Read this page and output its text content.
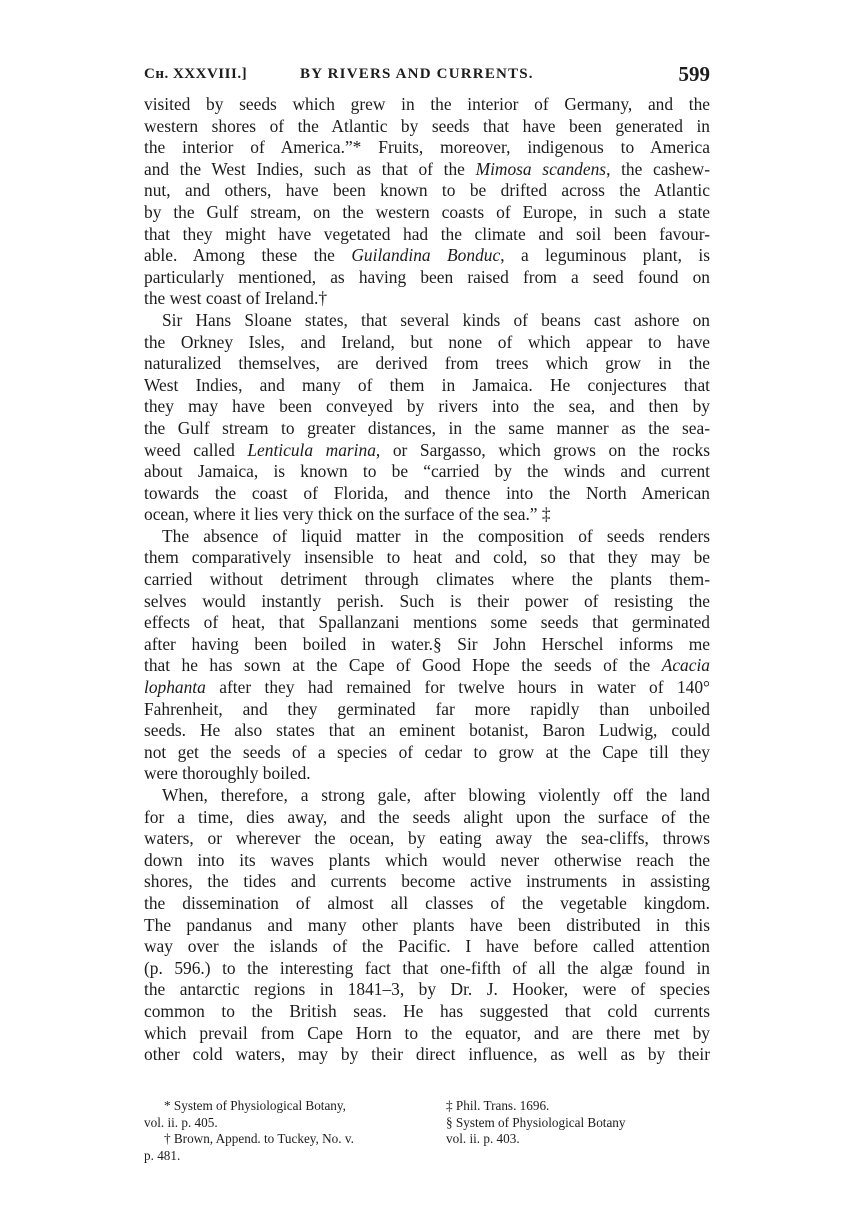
Cʜ. XXXVIII.]	BY RIVERS AND CURRENTS.	599
visited by seeds which grew in the interior of Germany, and the
western shores of the Atlantic by seeds that have been generated in
the interior of America.”* Fruits, moreover, indigenous to America
and the West Indies, such as that of the Mimosa scandens, the cashew-
nut, and others, have been known to be drifted across the Atlantic
by the Gulf stream, on the western coasts of Europe, in such a state
that they might have vegetated had the climate and soil been favour-
able. Among these the Guilandina Bonduc, a leguminous plant, is
particularly mentioned, as having been raised from a seed found on
the west coast of Ireland.†
Sir Hans Sloane states, that several kinds of beans cast ashore on
the Orkney Isles, and Ireland, but none of which appear to have
naturalized themselves, are derived from trees which grow in the
West Indies, and many of them in Jamaica. He conjectures that
they may have been conveyed by rivers into the sea, and then by
the Gulf stream to greater distances, in the same manner as the sea-
weed called Lenticula marina, or Sargasso, which grows on the rocks
about Jamaica, is known to be “carried by the winds and current
towards the coast of Florida, and thence into the North American
ocean, where it lies very thick on the surface of the sea.” ‡
The absence of liquid matter in the composition of seeds renders
them comparatively insensible to heat and cold, so that they may be
carried without detriment through climates where the plants them-
selves would instantly perish. Such is their power of resisting the
effects of heat, that Spallanzani mentions some seeds that germinated
after having been boiled in water.§ Sir John Herschel informs me
that he has sown at the Cape of Good Hope the seeds of the Acacia
lophanta after they had remained for twelve hours in water of 140°
Fahrenheit, and they germinated far more rapidly than unboiled
seeds. He also states that an eminent botanist, Baron Ludwig, could
not get the seeds of a species of cedar to grow at the Cape till they
were thoroughly boiled.
When, therefore, a strong gale, after blowing violently off the land
for a time, dies away, and the seeds alight upon the surface of the
waters, or wherever the ocean, by eating away the sea-cliffs, throws
down into its waves plants which would never otherwise reach the
shores, the tides and currents become active instruments in assisting
the dissemination of almost all classes of the vegetable kingdom.
The pandanus and many other plants have been distributed in this
way over the islands of the Pacific. I have before called attention
(p. 596.) to the interesting fact that one-fifth of all the algæ found in
the antarctic regions in 1841–3, by Dr. J. Hooker, were of species
common to the British seas. He has suggested that cold currents
which prevail from Cape Horn to the equator, and are there met by
other cold waters, may by their direct influence, as well as by their
* System of Physiological Botany,
vol. ii. p. 405.
† Brown, Append. to Tuckey, No. v.
p. 481.
‡ Phil. Trans. 1696.
§ System of Physiological Botany
vol. ii. p. 403.
